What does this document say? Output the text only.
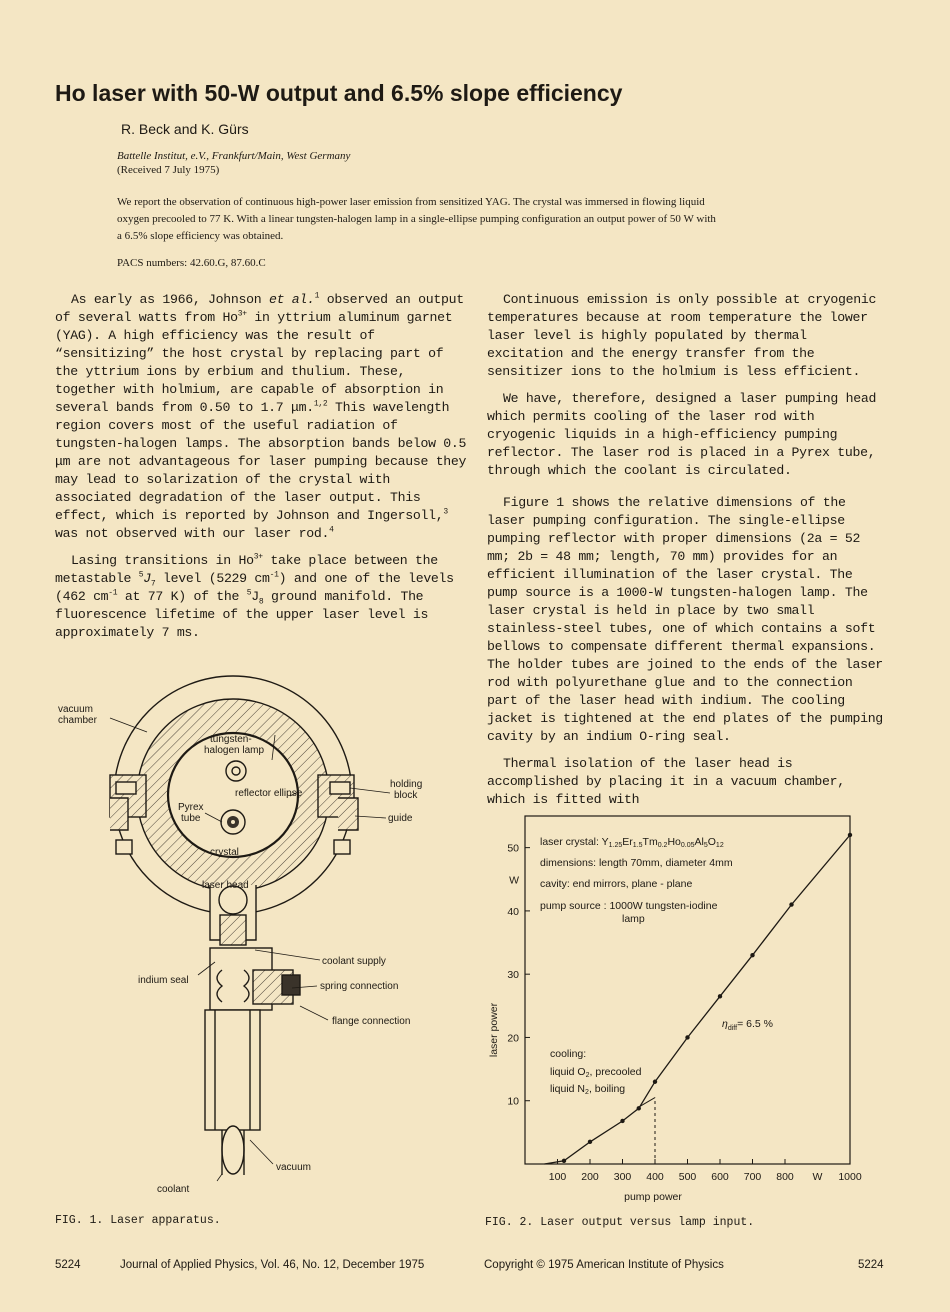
Ho laser with 50-W output and 6.5% slope efficiency
R. Beck and K. Gürs
Battelle Institut, e.V., Frankfurt/Main, West Germany
(Received 7 July 1975)
We report the observation of continuous high-power laser emission from sensitized YAG. The crystal was immersed in flowing liquid oxygen precooled to 77 K. With a linear tungsten-halogen lamp in a single-ellipse pumping configuration an output power of 50 W with a 6.5% slope efficiency was obtained.
PACS numbers: 42.60.G, 87.60.C

As early as 1966, Johnson et al.$^1$ observed an output of several watts from $Ho^{3+}$ in yttrium aluminum garnet (YAG). A high efficiency was the result of “sensitizing” the host crystal by replacing part of the yttrium ions by erbium and thulium. These, together with holmium, are capable of absorption in several bands from 0.50 to 1.7 μm.$^{1,2}$ This wavelength region covers most of the useful radiation of tungsten-halogen lamps. The absorption bands below 0.5 μm are not advantageous for laser pumping because they may lead to solarization of the crystal with associated degradation of the laser output. This effect, which is reported by Johnson and Ingersoll,$^3$ was not observed with our laser rod.$^4$

Lasing transitions in $Ho^{3+}$ take place between the metastable $^5J_7$ level (5229 $cm^{-1}$) and one of the levels (462 $cm^{-1}$ at 77 K) of the $^5J_8$ ground manifold. The fluorescence lifetime of the upper laser level is approximately 7 ms.

Continuous emission is only possible at cryogenic temperatures because at room temperature the lower laser level is highly populated by thermal excitation and the energy transfer from the sensitizer ions to the holmium is less efficient.

We have, therefore, designed a laser pumping head which permits cooling of the laser rod with cryogenic liquids in a high-efficiency pumping reflector. The laser rod is placed in a Pyrex tube, through which the coolant is circulated.

Figure 1 shows the relative dimensions of the laser pumping configuration. The single-ellipse pumping reflector with proper dimensions (2a = 52 mm; 2b = 48 mm; length, 70 mm) provides for an efficient illumination of the laser crystal. The pump source is a 1000-W tungsten-halogen lamp. The laser crystal is held in place by two small stainless-steel tubes, one of which contains a soft bellows to compensate different thermal expansions. The holder tubes are joined to the ends of the laser rod with polyurethane glue and to the connection part of the laser head with indium. The cooling jacket is tightened at the end plates of the pumping cavity by an indium O-ring seal.

Thermal isolation of the laser head is accomplished by placing it in a vacuum chamber, which is fitted with

vacuum
chamber
tungsten-
halogen lamp
reflector ellipse
Pyrex
tube
crystal
holding
block
guide
laser head
coolant supply
indium seal
spring connection
flange connection
vacuum
coolant
FIG. 1. Laser apparatus.
10
20
30
40
W
50
100 200 300 400 500 600 700 800 W 1000
laser crystal: Y1.25Er1.5Tm0.2Ho0.05Al5O12
dimensions: length 70mm, diameter 4mm
cavity: end mirrors, plane - plane
pump source : 1000W tungsten-iodine
lamp
$\eta_{diff}= 6.5$ %
cooling:
liquid O2, precooled
liquid N2, boiling
pump power
laser power
FIG. 2. Laser output versus lamp input.
5224	Journal of Applied Physics, Vol. 46, No. 12, December 1975	Copyright © 1975 American Institute of Physics	5224
